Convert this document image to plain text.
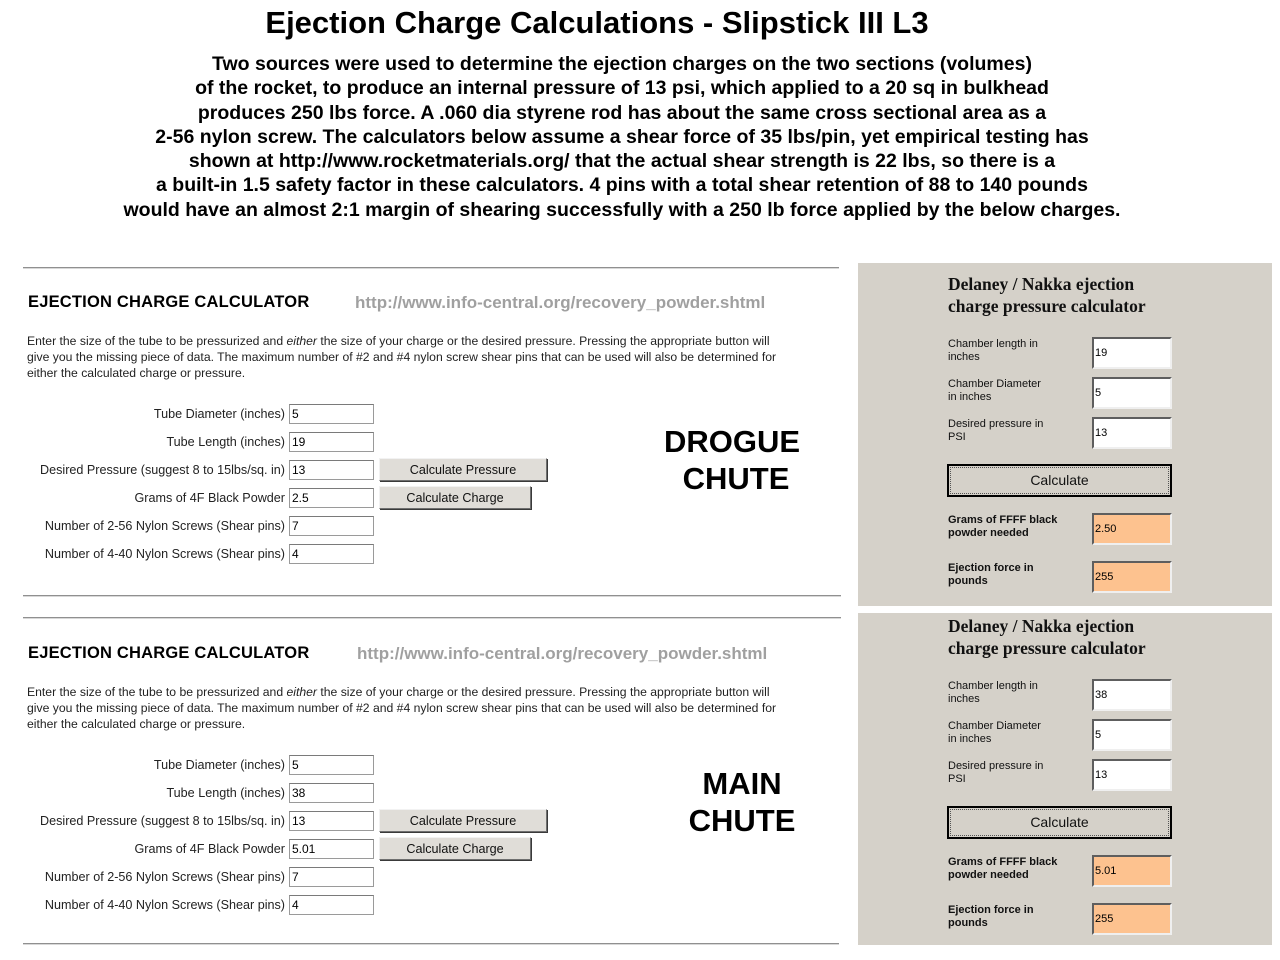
Ejection Charge Calculations - Slipstick III L3
Two sources were used to determine the ejection charges on the two sections (volumes)
of the rocket, to produce an internal pressure of 13 psi, which applied to a 20 sq in bulkhead
produces 250 lbs force. A .060 dia styrene rod has about the same cross sectional area as a
2-56 nylon screw. The calculators below assume a shear force of 35 lbs/pin, yet empirical testing has
shown at http://www.rocketmaterials.org/ that the actual shear strength is 22 lbs, so there is a
a built-in 1.5 safety factor in these calculators. 4 pins with a total shear retention of 88 to 140 pounds
would have an almost 2:1 margin of shearing successfully with a 250 lb force applied by the below charges.
EJECTION CHARGE CALCULATOR	http://www.info-central.org/recovery_powder.shtml
Enter the size of the tube to be pressurized and either the size of your charge or the desired pressure. Pressing the appropriate button will
give you the missing piece of data. The maximum number of #2 and #4 nylon screw shear pins that can be used will also be determined for
either the calculated charge or pressure.
Tube Diameter (inches)
5
Tube Length (inches)
19
Desired Pressure (suggest 8 to 15lbs/sq. in)
13	Calculate Pressure
Grams of 4F Black Powder
2.5	Calculate Charge
Number of 2-56 Nylon Screws (Shear pins)
7
Number of 4-40 Nylon Screws (Shear pins)
4
DROGUE
CHUTE
EJECTION CHARGE CALCULATOR	http://www.info-central.org/recovery_powder.shtml
Enter the size of the tube to be pressurized and either the size of your charge or the desired pressure. Pressing the appropriate button will
give you the missing piece of data. The maximum number of #2 and #4 nylon screw shear pins that can be used will also be determined for
either the calculated charge or pressure.
Tube Diameter (inches)
5
Tube Length (inches)
38
Desired Pressure (suggest 8 to 15lbs/sq. in)
13	Calculate Pressure
Grams of 4F Black Powder
5.01	Calculate Charge
Number of 2-56 Nylon Screws (Shear pins)
7
Number of 4-40 Nylon Screws (Shear pins)
4
MAIN
CHUTE
Delaney / Nakka ejection
charge pressure calculator
Chamber length in
inches
19
Chamber Diameter
in inches
5
Desired pressure in
PSI
13
Calculate
Grams of FFFF black
powder needed
2.50
Ejection force in
pounds
255
Delaney / Nakka ejection
charge pressure calculator
Chamber length in
inches
38
Chamber Diameter
in inches
5
Desired pressure in
PSI
13
Calculate
Grams of FFFF black
powder needed
5.01
Ejection force in
pounds
255
